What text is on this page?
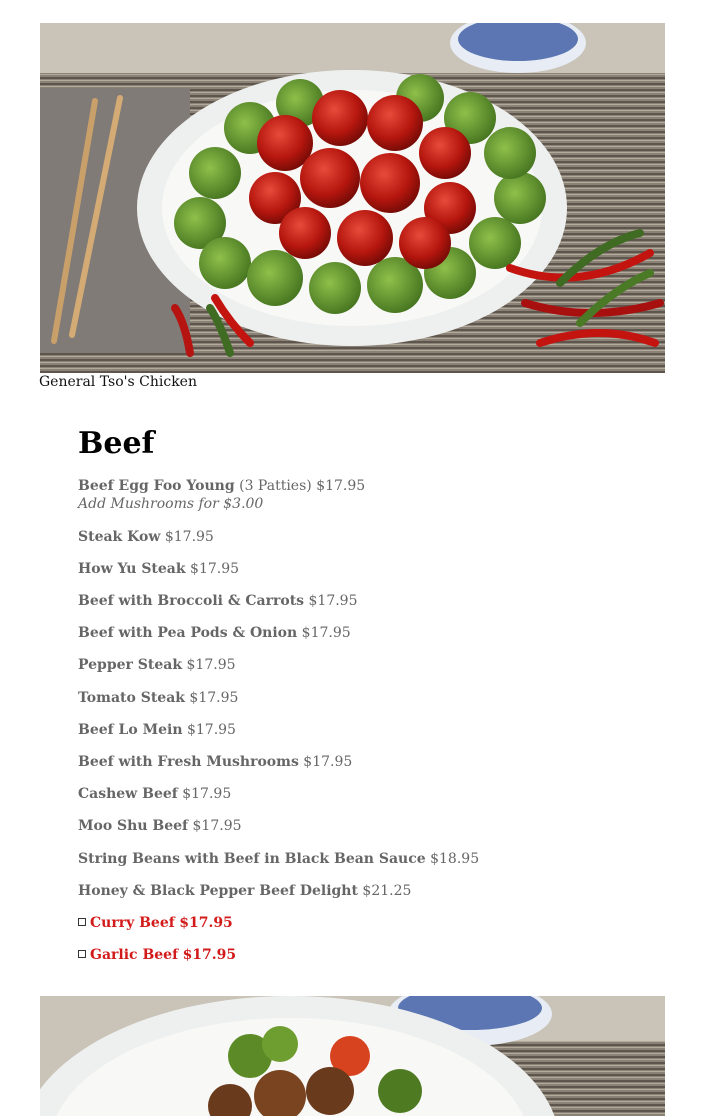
General Tso's Chicken
Beef
Beef Egg Foo Young (3 Patties) $17.95
Add Mushrooms for $3.00
Steak Kow $17.95
How Yu Steak $17.95
Beef with Broccoli & Carrots $17.95
Beef with Pea Pods & Onion $17.95
Pepper Steak $17.95
Tomato Steak $17.95
Beef Lo Mein $17.95
Beef with Fresh Mushrooms $17.95
Cashew Beef $17.95
Moo Shu Beef $17.95
String Beans with Beef in Black Bean Sauce $18.95
Honey & Black Pepper Beef Delight $21.25
Curry Beef $17.95
Garlic Beef $17.95
